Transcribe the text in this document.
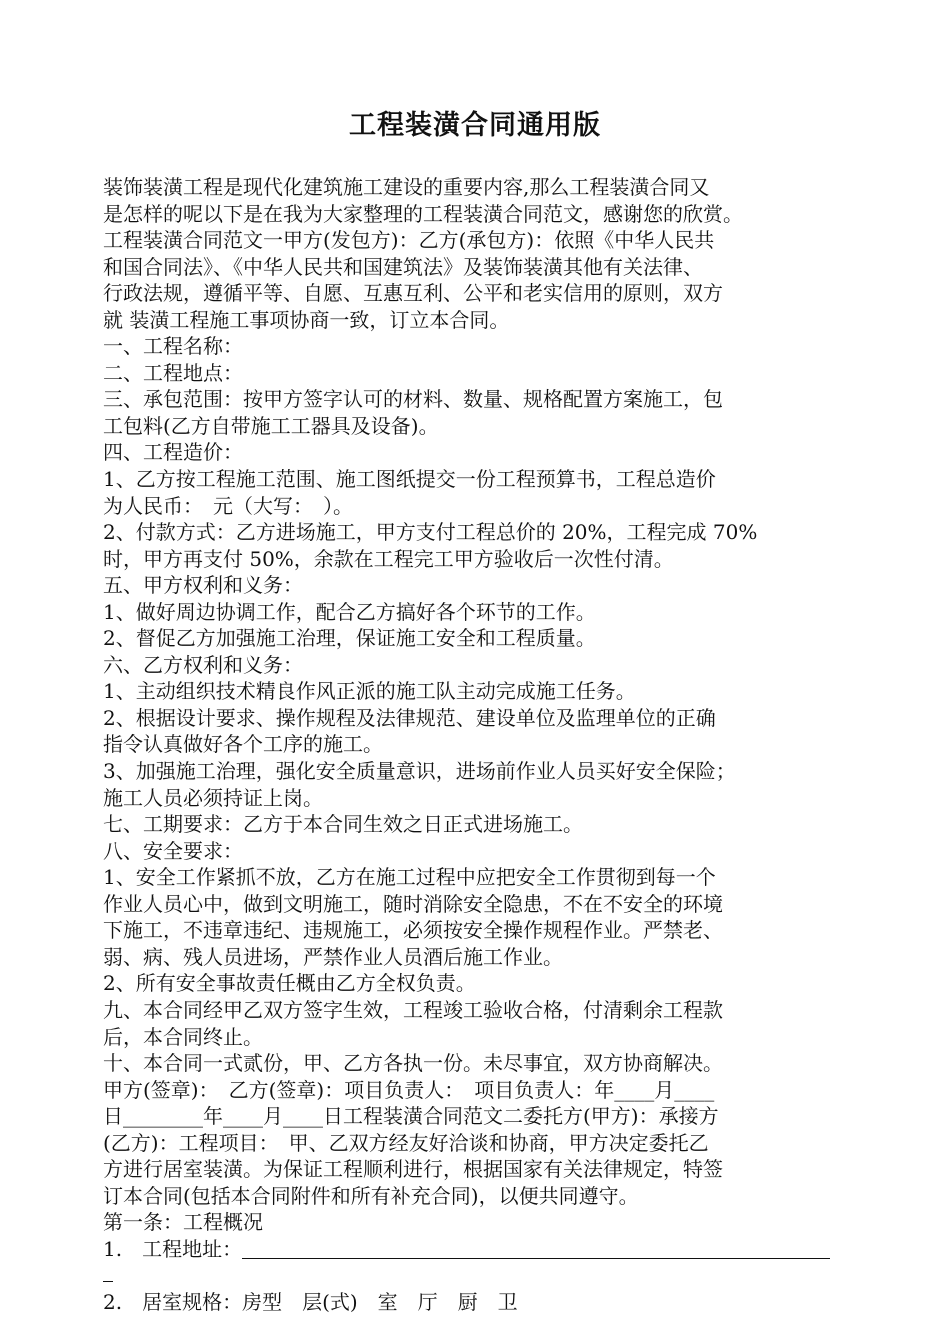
工程装潢合同通用版
装饰装潢工程是现代化建筑施工建设的重要内容,那么工程装潢合同又
是怎样的呢以下是在我为大家整理的工程装潢合同范文，感谢您的欣赏。
工程装潢合同范文一甲方(发包方)：乙方(承包方)：依照《中华人民共
和国合同法》、《中华人民共和国建筑法》及装饰装潢其他有关法律、
行政法规，遵循平等、自愿、互惠互利、公平和老实信用的原则，双方
就 装潢工程施工事项协商一致，订立本合同。
一、工程名称：
二、工程地点：
三、承包范围：按甲方签字认可的材料、数量、规格配置方案施工，包
工包料(乙方自带施工工器具及设备)。
四、工程造价：
1、乙方按工程施工范围、施工图纸提交一份工程预算书，工程总造价
为人民币：　元（大写：　）。
2、付款方式：乙方进场施工，甲方支付工程总价的 20%，工程完成 70%
时，甲方再支付 50%，余款在工程完工甲方验收后一次性付清。
五、甲方权利和义务：
1、做好周边协调工作，配合乙方搞好各个环节的工作。
2、督促乙方加强施工治理，保证施工安全和工程质量。
六、乙方权利和义务：
1、主动组织技术精良作风正派的施工队主动完成施工任务。
2、根据设计要求、操作规程及法律规范、建设单位及监理单位的正确
指令认真做好各个工序的施工。
3、加强施工治理，强化安全质量意识，进场前作业人员买好安全保险；
施工人员必须持证上岗。
七、工期要求：乙方于本合同生效之日正式进场施工。
八、安全要求：
1、安全工作紧抓不放，乙方在施工过程中应把安全工作贯彻到每一个
作业人员心中，做到文明施工，随时消除安全隐患，不在不安全的环境
下施工，不违章违纪、违规施工，必须按安全操作规程作业。严禁老、
弱、病、残人员进场，严禁作业人员酒后施工作业。
2、所有安全事故责任概由乙方全权负责。
九、本合同经甲乙双方签字生效，工程竣工验收合格，付清剩余工程款
后，本合同终止。
十、本合同一式贰份，甲、乙方各执一份。未尽事宜，双方协商解决。
甲方(签章)：　乙方(签章)：项目负责人：　项目负责人：年____月____
日________年____月____日工程装潢合同范文二委托方(甲方)：承接方
(乙方)：工程项目：　甲、乙双方经友好洽谈和协商，甲方决定委托乙
方进行居室装潢。为保证工程顺利进行，根据国家有关法律规定，特签
订本合同(包括本合同附件和所有补充合同)，以便共同遵守。
第一条：工程概况
1.　工程地址：
2.　居室规格：房型　层(式)　室　厅　厨　卫
